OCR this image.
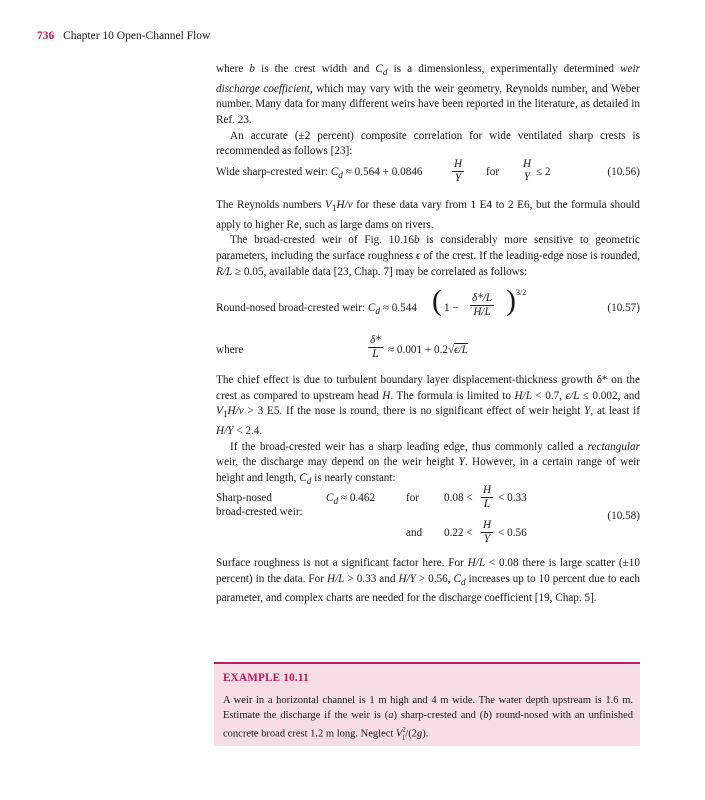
736 Chapter 10 Open-Channel Flow

where b is the crest width and $C_d$ is a dimensionless, experimentally determined weir discharge coefficient, which may vary with the weir geometry, Reynolds number, and Weber number. Many data for many different weirs have been reported in the literature, as detailed in Ref. 23.

An accurate (±2 percent) composite correlation for wide ventilated sharp crests is recommended as follows [23]:

Wide sharp-crested weir: $C_d \approx 0.564 + 0.0846$	$\frac{H}{Y}$ for
H
Y ≤ 2	(10.56)

The Reynolds numbers $V_1H/\nu$ for these data vary from 1 E4 to 2 E6, but the formula should apply to higher Re, such as large dams on rivers.

The broad-crested weir of Fig. 10.16b is considerably more sensitive to geometric parameters, including the surface roughness ϵ of the crest. If the leading-edge nose is rounded, R/L ≥ 0.05, available data [23, Chap. 7] may be correlated as follows:

Round-nosed broad-crested weir: $C_d \approx 0.544$ ( $1 - \frac{\delta*/L}{H/L}$ ) 3/2
(10.57)
where	$\frac{\delta*}{L} \approx 0.001 + 0.2√\epsilon/L$

The chief effect is due to turbulent boundary layer displacement-thickness growth δ* on the crest as compared to upstream head H. The formula is limited to H/L < 0.7, ϵ/L ≤ 0.002, and $V_1H/\nu > 3$ E5. If the nose is round, there is no significant effect of weir height Y, at least if H/Y < 2.4.

If the broad-crested weir has a sharp leading edge, thus commonly called a rectangular weir, the discharge may depend on the weir height Y. However, in a certain range of weir height and length, $C_d$ is nearly constant:

Sharp-nosed
broad-crested weir:
$C_d \approx 0.462$	for $0.08 < \frac{H}{L} < 0.33$
and $0.22 < \frac{H}{Y} < 0.56$
(10.58)

Surface roughness is not a significant factor here. For H/L < 0.08 there is large scatter (±10 percent) in the data. For H/L > 0.33 and H/Y > 0.56, $C_d$ increases up to 10 percent due to each parameter, and complex charts are needed for the discharge coefficient [19, Chap. 5].

EXAMPLE 10.11

A weir in a horizontal channel is 1 m high and 4 m wide. The water depth upstream is 1.6 m. Estimate the discharge if the weir is (a) sharp-crested and (b) round-nosed with an unfinished concrete broad crest 1.2 m long. Neglect $V^2_1/(2g)$.
